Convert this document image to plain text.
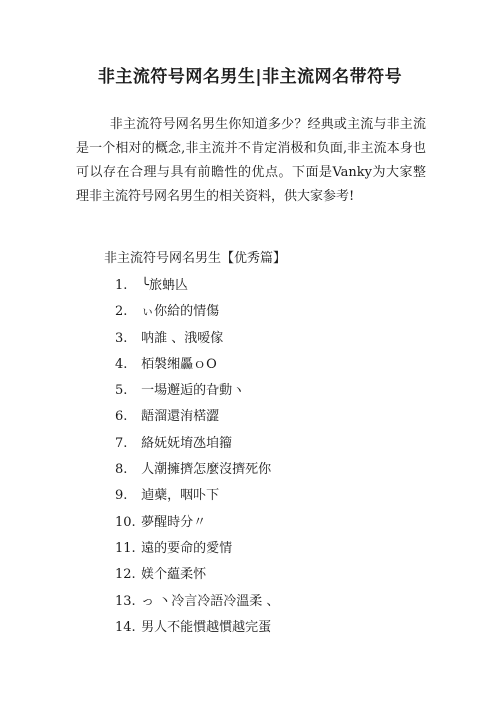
非主流符号网名男生|非主流网名带符号
非主流符号网名男生你知道多少？经典或主流与非主流是一个相对的概念,非主流并不肯定消极和负面,非主流本身也可以存在合理与具有前瞻性的优点。下面是Vanky为大家整理非主流符号网名男生的相关资料，供大家参考!
非主流符号网名男生【优秀篇】
1. ╰旅蚺亾
2. ぃ你給的情傷
3. 呐誰 、涐嗳傢
4. 栢褩缃厵ｏO
5. 一場邂逅的旮動ヽ
6. 龉溜還洧楛澀
7. 絡妩妩堉氹垍籀
8. 人潮擁擠怎麼沒擠死你
9. 逌蘗，咽卟下
10. 夢醒時分〃
11. 遠的要命的愛情
12. 媄个藴柔怀
13. っ 丶冷言冷語冷溫柔 、
14. 男人不能慣越慣越完蛋
